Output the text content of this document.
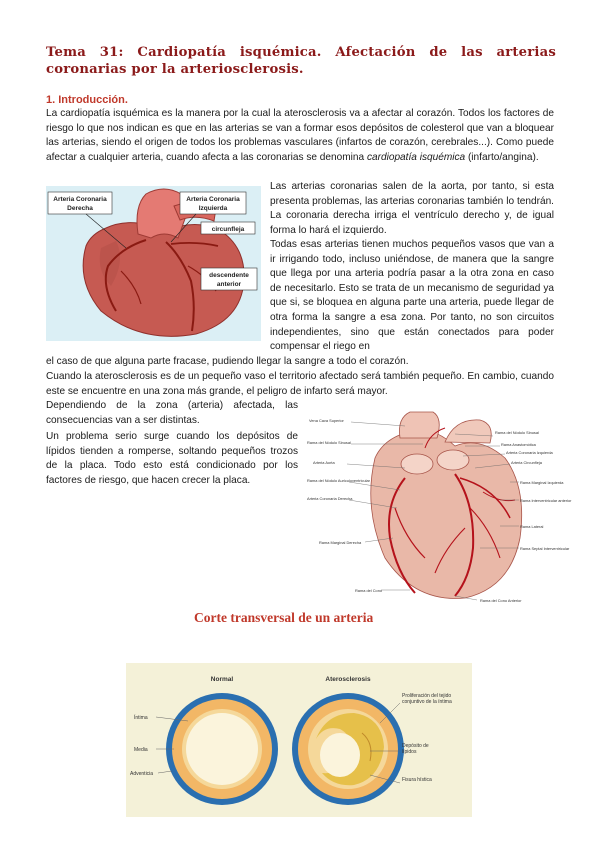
Tema 31: Cardiopatía isquémica. Afectación de las arterias coronarias por la arteriosclerosis.
1. Introducción.
La cardiopatía isquémica es la manera por la cual la aterosclerosis va a afectar al corazón. Todos los factores de riesgo lo que nos indican es que en las arterias se van a formar esos depósitos de colesterol que van a bloquear las arterias, siendo el origen de todos los problemas vasculares (infartos de corazón, cerebrales...). Como puede afectar a cualquier arteria, cuando afecta a las coronarias se denomina cardiopatía isquémica (infarto/angina).
Arteria Coronaria
Derecha
Arteria Coronaria
Izquierda
circunfleja
descendente
anterior
Las arterias coronarias salen de la aorta, por tanto, si esta presenta problemas, las arterias coronarias también lo tendrán. La coronaria derecha irriga el ventrículo derecho y, de igual forma lo hará el izquierdo.
Todas esas arterias tienen muchos pequeños vasos que van a ir irrigando todo, incluso uniéndose, de manera que la sangre que llega por una arteria podría pasar a la otra zona en caso de necesitarlo. Esto se trata de un mecanismo de seguridad ya que si, se bloquea en alguna parte una arteria, puede llegar de otra forma la sangre a esa zona. Por tanto, no son circuitos independientes, sino que están conectados para poder compensar el riego en
el caso de que alguna parte fracase, pudiendo llegar la sangre a todo el corazón.
Cuando la aterosclerosis es de un pequeño vaso el territorio afectado será también pequeño. En cambio, cuando este se encuentre en una zona más grande, el peligro de infarto será mayor.
Dependiendo de la zona (arteria) afectada, las consecuencias van a ser distintas.
Un problema serio surge cuando los depósitos de lípidos tienden a romperse, soltando pequeños trozos de la placa. Todo esto está condicionado por los factores de riesgo, que hacen crecer la placa.
Vena Cava Superior
Rama del Nódulo Sinusal
Arteria Aorta
Rama del Nódulo Auriculoventricular
Arteria Coronaria Derecha
Rama Marginal Derecha
Rama del Cono
Rama del Nódulo Sinusal
Rama Anastomótica
Arteria Coronaria Izquierda
Arteria Circunfleja
Rama Marginal Izquierda
Rama Interventricular anterior
Rama Lateral
Rama Septal Interventricular
Rama del Cono Anterior
Corte transversal de un arteria
Normal	Aterosclerosis
Íntima
Media
Adventicia
Proliferación del tejido conjuntivo de la íntima
Depósito de lípidos
Fisura hística
